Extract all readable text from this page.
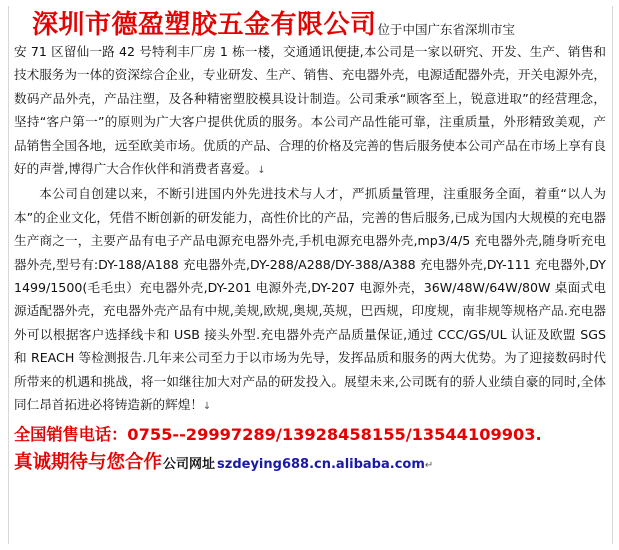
深圳市德盈塑胶五金有限公司 位于中国广东省深圳市宝

安 71 区留仙一路 42 号特利丰厂房 1 栋一楼，交通通讯便捷,本公司是一家以研究、开发、生产、销售和技术服务为一体的资深综合企业，专业研发、生产、销售、充电器外壳，电源适配器外壳，开关电源外壳，数码产品外壳，产品注塑，及各种精密塑胶模具设计制造。公司秉承“顾客至上，锐意进取”的经营理念，坚持“客户第一”的原则为广大客户提供优质的服务。本公司产品性能可靠，注重质量，外形精致美观，产品销售全国各地，远至欧美市场。优质的产品、合理的价格及完善的售后服务使本公司产品在市场上享有良好的声誉,博得广大合作伙伴和消费者喜爱。↓

本公司自创建以来，不断引进国内外先进技术与人才，严抓质量管理，注重服务全面，着重“以人为本”的企业文化，凭借不断创新的研发能力，高性价比的产品，完善的售后服务,已成为国内大规模的充电器生产商之一，主要产品有电子产品电源充电器外壳,手机电源充电器外壳,mp3/4/5 充电器外壳,随身听充电器外壳,型号有:DY-188/A188 充电器外壳,DY-288/A288/DY-388/A388 充电器外壳,DY-111 充电器外,DY1499/1500(毛毛虫）充电器外壳,DY-201 电源外壳,DY-207 电源外壳，36W/48W/64W/80W 桌面式电源适配器外壳，充电器外壳产品有中规,美规,欧规,奥规,英规，巴西规，印度规，南非规等规格产品.充电器外可以根据客户选择线卡和 USB 接头外型.充电器外壳产品质量保证,通过 CCC/GS/UL 认证及欧盟 SGS 和 REACH 等检测报告.几年来公司至力于以市场为先导，发挥品质和服务的两大优势。为了迎接数码时代所带来的机遇和挑战，将一如继往加大对产品的研发投入。展望未来,公司既有的骄人业绩自豪的同时,全体同仁昂首拓进必将铸造新的辉煌！↓

全国销售电话：0755--29997289/13928458155/13544109903.
真诚期待与您合作 公司网址 szdeying688.cn.alibaba.com ↵
